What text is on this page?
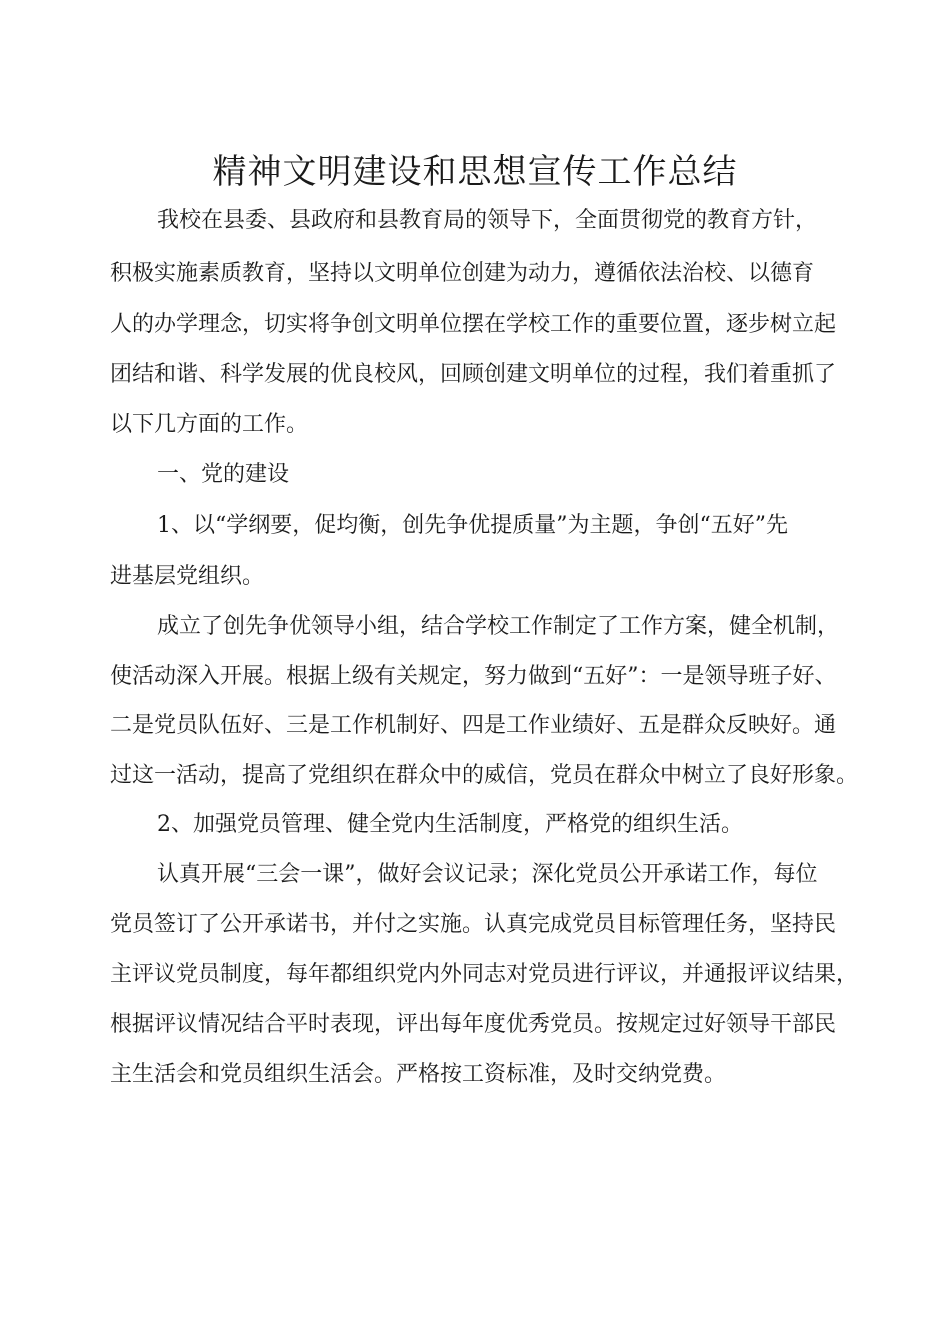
精神文明建设和思想宣传工作总结

我校在县委、县政府和县教育局的领导下，全面贯彻党的教育方针，

积极实施素质教育，坚持以文明单位创建为动力，遵循依法治校、以德育

人的办学理念，切实将争创文明单位摆在学校工作的重要位置，逐步树立起

团结和谐、科学发展的优良校风，回顾创建文明单位的过程，我们着重抓了

以下几方面的工作。

一、党的建设

1、以“学纲要，促均衡，创先争优提质量”为主题，争创“五好”先

进基层党组织。

成立了创先争优领导小组，结合学校工作制定了工作方案，健全机制，

使活动深入开展。根据上级有关规定，努力做到“五好”：一是领导班子好、

二是党员队伍好、三是工作机制好、四是工作业绩好、五是群众反映好。通

过这一活动，提高了党组织在群众中的威信，党员在群众中树立了良好形象。

2、加强党员管理、健全党内生活制度，严格党的组织生活。

认真开展“三会一课”，做好会议记录；深化党员公开承诺工作，每位

党员签订了公开承诺书，并付之实施。认真完成党员目标管理任务，坚持民

主评议党员制度，每年都组织党内外同志对党员进行评议，并通报评议结果，

根据评议情况结合平时表现，评出每年度优秀党员。按规定过好领导干部民

主生活会和党员组织生活会。严格按工资标准，及时交纳党费。
